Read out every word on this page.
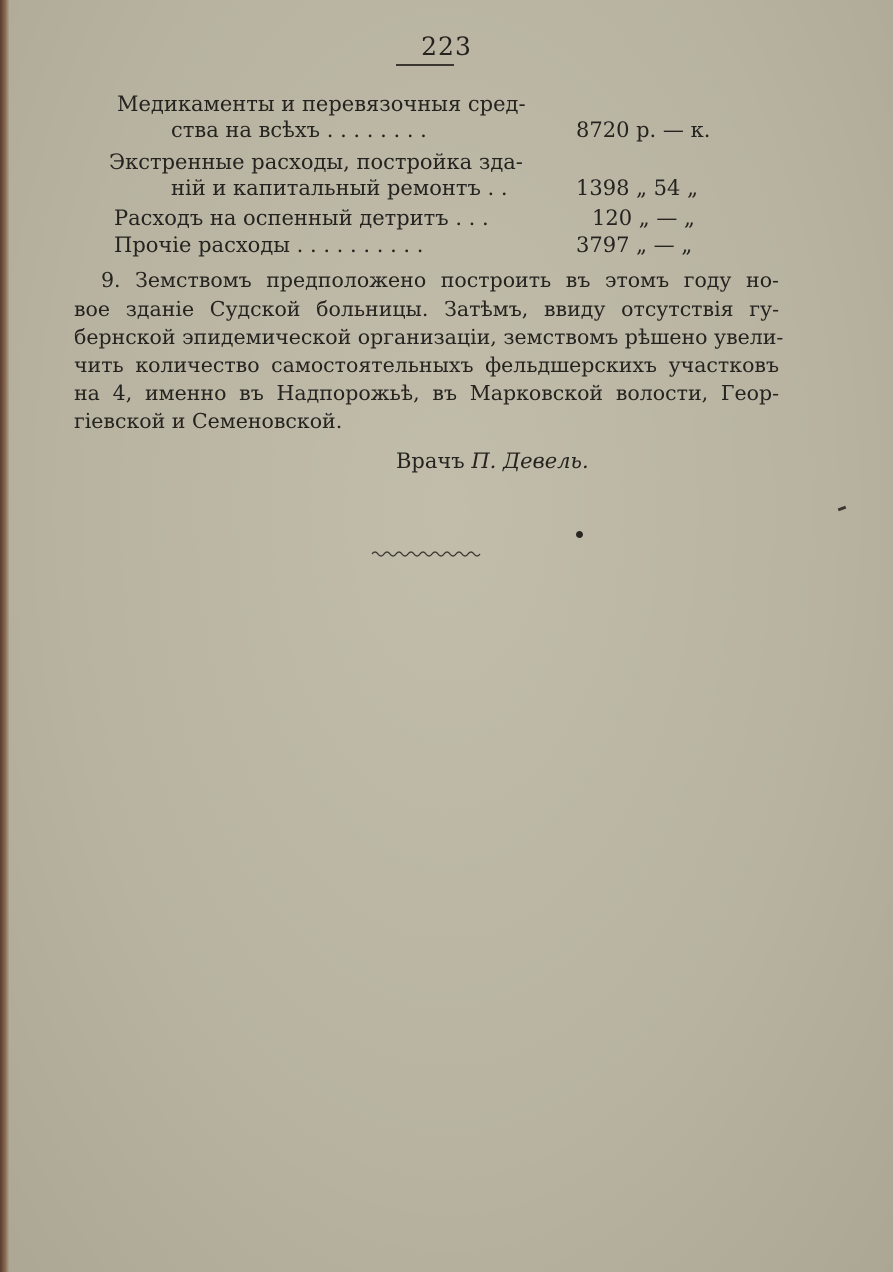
223
Медикаменты и перевязочныя сред-
ства на всѣхъ . . . . . . . .	8720 р. — к.
Экстренные расходы, постройка зда-
ній и капитальный ремонтъ . .	1398 „ 54 „
Расходъ на оспенный детритъ . . .	120 „ — „
Прочіе расходы . . . . . . . . . .	3797 „ — „
9. Земствомъ предположено построить въ этомъ году но-
вое зданіе Судской больницы. Затѣмъ, ввиду отсутствія гу-
бернской эпидемической организаціи, земствомъ рѣшено увели-
чить количество самостоятельныхъ фельдшерскихъ участковъ
на 4, именно въ Надпорожьѣ, въ Марковской волости, Геор-
гіевской и Семеновской.
Врачъ П. Девель.
